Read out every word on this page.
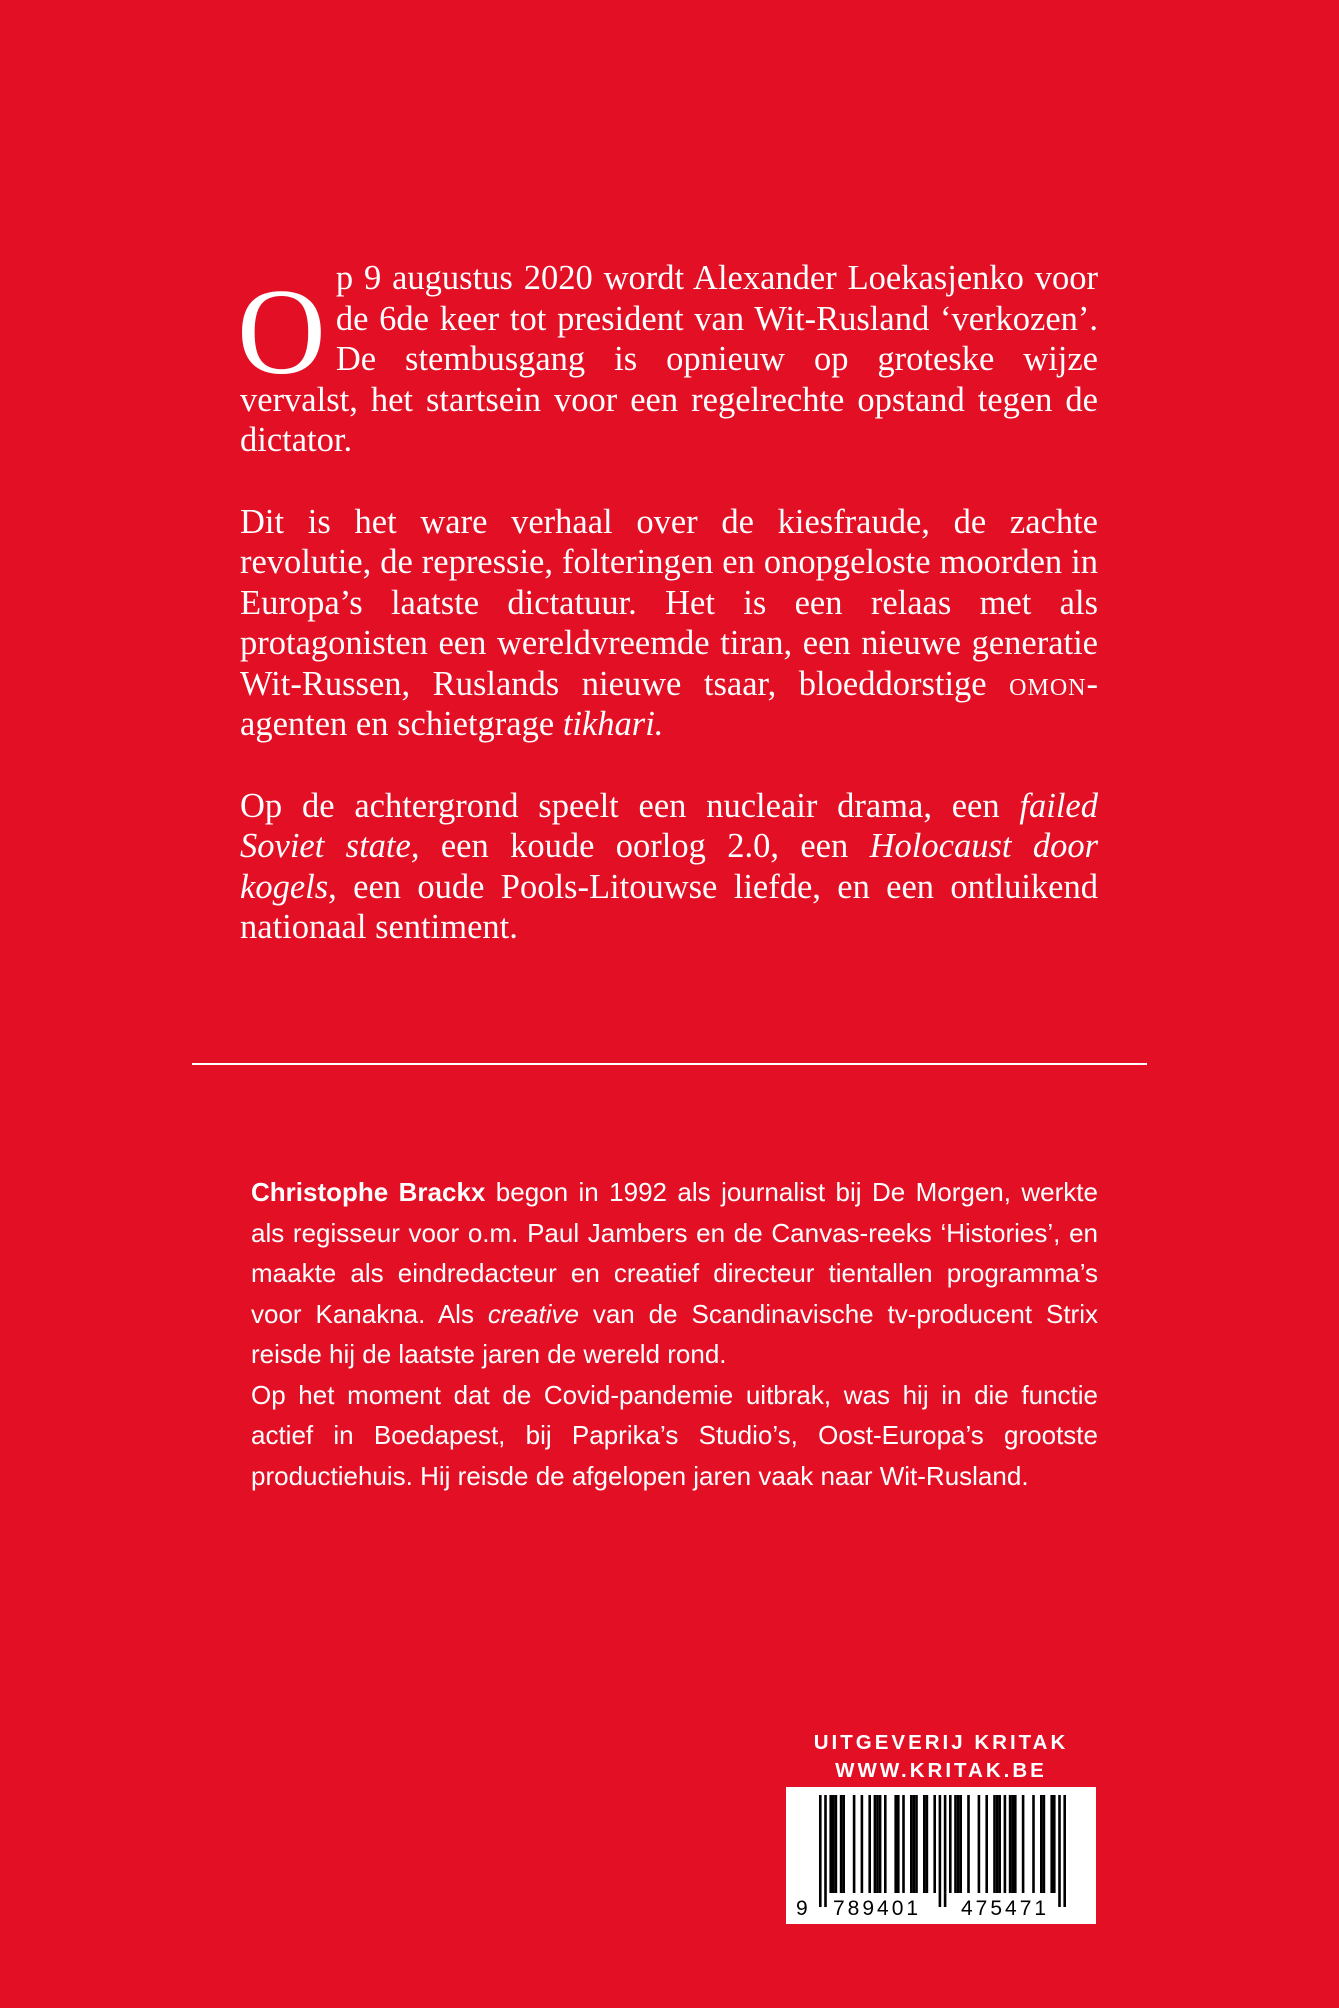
Op 9 augustus 2020 wordt Alexander Loekasjenko voor de 6de keer tot president van Wit-Rusland ‘verkozen’. De stembusgang is opnieuw op groteske wijze vervalst, het startsein voor een regelrechte opstand tegen de dictator.

Dit is het ware verhaal over de kiesfraude, de zachte revolutie, de repressie, folteringen en onopgeloste moorden in Europa’s laatste dictatuur. Het is een relaas met als protagonisten een wereldvreemde tiran, een nieuwe generatie Wit-Russen, Ruslands nieuwe tsaar, bloeddorstige omon-agenten en schietgrage tikhari.

Op de achtergrond speelt een nucleair drama, een failed Soviet state, een koude oorlog 2.0, een Holocaust door kogels, een oude Pools-Litouwse liefde, en een ontluikend nationaal sentiment.

Christophe Brackx begon in 1992 als journalist bij De Morgen, werkte als regisseur voor o.m. Paul Jambers en de Canvas-reeks ‘Histories’, en maakte als eindredacteur en creatief directeur tientallen programma’s voor Kanakna. Als creative van de Scandinavische tv-producent Strix reisde hij de laatste jaren de wereld rond.

Op het moment dat de Covid-pandemie uitbrak, was hij in die functie actief in Boedapest, bij Paprika’s Studio’s, Oost-Europa’s grootste productiehuis. Hij reisde de afgelopen jaren vaak naar Wit-Rusland.

UITGEVERIJ KRITAK
WWW.KRITAK.BE
9 789401 475471
